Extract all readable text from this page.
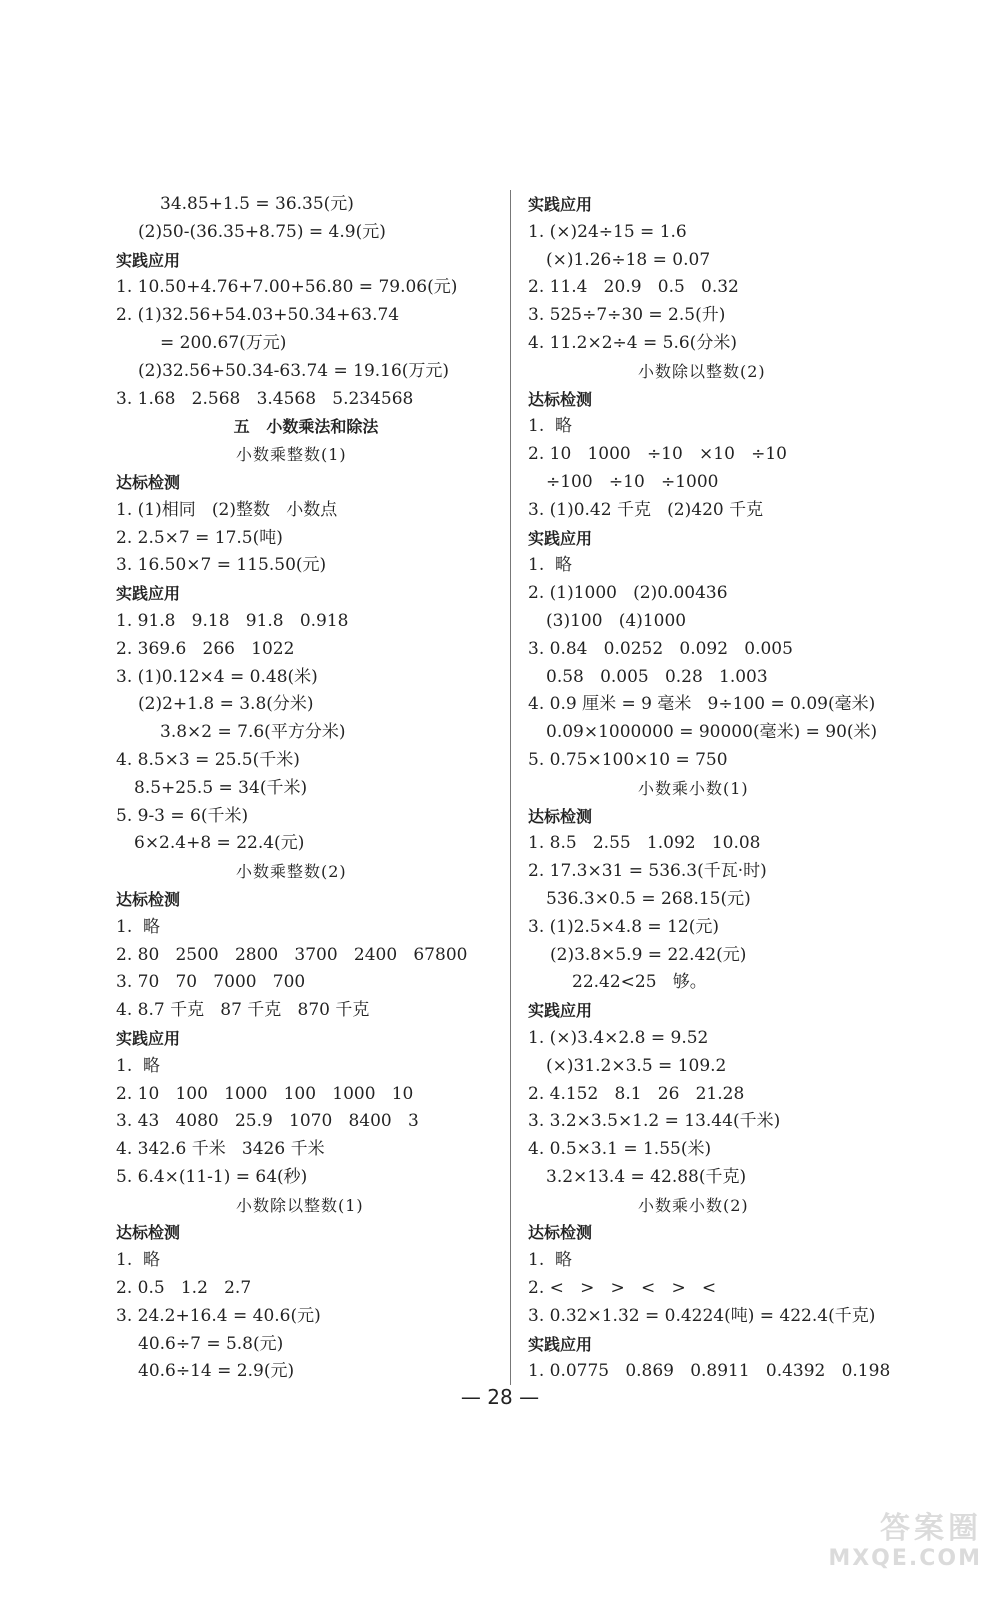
34.85+1.5 = 36.35(元)
(2)50-(36.35+8.75) = 4.9(元)
实践应用
1. 10.50+4.76+7.00+56.80 = 79.06(元)
2. (1)32.56+54.03+50.34+63.74
= 200.67(万元)
(2)32.56+50.34-63.74 = 19.16(万元)
3. 1.68   2.568   3.4568   5.234568
五   小数乘法和除法
小数乘整数(1)
达标检测
1. (1)相同   (2)整数   小数点
2. 2.5×7 = 17.5(吨)
3. 16.50×7 = 115.50(元)
实践应用
1. 91.8   9.18   91.8   0.918
2. 369.6   266   1022
3. (1)0.12×4 = 0.48(米)
(2)2+1.8 = 3.8(分米)
3.8×2 = 7.6(平方分米)
4. 8.5×3 = 25.5(千米)
8.5+25.5 = 34(千米)
5. 9-3 = 6(千米)
6×2.4+8 = 22.4(元)
小数乘整数(2)
达标检测
1.  略
2. 80   2500   2800   3700   2400   67800
3. 70   70   7000   700
4. 8.7 千克   87 千克   870 千克
实践应用
1.  略
2. 10   100   1000   100   1000   10
3. 43   4080   25.9   1070   8400   3
4. 342.6 千米   3426 千米
5. 6.4×(11-1) = 64(秒)
小数除以整数(1)
达标检测
1.  略
2. 0.5   1.2   2.7
3. 24.2+16.4 = 40.6(元)
40.6÷7 = 5.8(元)
40.6÷14 = 2.9(元)
实践应用
1. (×)24÷15 = 1.6
(×)1.26÷18 = 0.07
2. 11.4   20.9   0.5   0.32
3. 525÷7÷30 = 2.5(升)
4. 11.2×2÷4 = 5.6(分米)
小数除以整数(2)
达标检测
1.  略
2. 10   1000   ÷10   ×10   ÷10
÷100   ÷10   ÷1000
3. (1)0.42 千克   (2)420 千克
实践应用
1.  略
2. (1)1000   (2)0.00436
(3)100   (4)1000
3. 0.84   0.0252   0.092   0.005
0.58   0.005   0.28   1.003
4. 0.9 厘米 = 9 毫米   9÷100 = 0.09(毫米)
0.09×1000000 = 90000(毫米) = 90(米)
5. 0.75×100×10 = 750
小数乘小数(1)
达标检测
1. 8.5   2.55   1.092   10.08
2. 17.3×31 = 536.3(千瓦·时)
536.3×0.5 = 268.15(元)
3. (1)2.5×4.8 = 12(元)
(2)3.8×5.9 = 22.42(元)
22.42<25   够。
实践应用
1. (×)3.4×2.8 = 9.52
(×)31.2×3.5 = 109.2
2. 4.152   8.1   26   21.28
3. 3.2×3.5×1.2 = 13.44(千米)
4. 0.5×3.1 = 1.55(米)
3.2×13.4 = 42.88(千克)
小数乘小数(2)
达标检测
1.  略
2. <   >   >   <   >   <
3. 0.32×1.32 = 0.4224(吨) = 422.4(千克)
实践应用
1. 0.0775   0.869   0.8911   0.4392   0.198
— 28 —
答案圈
MXQE.COM
